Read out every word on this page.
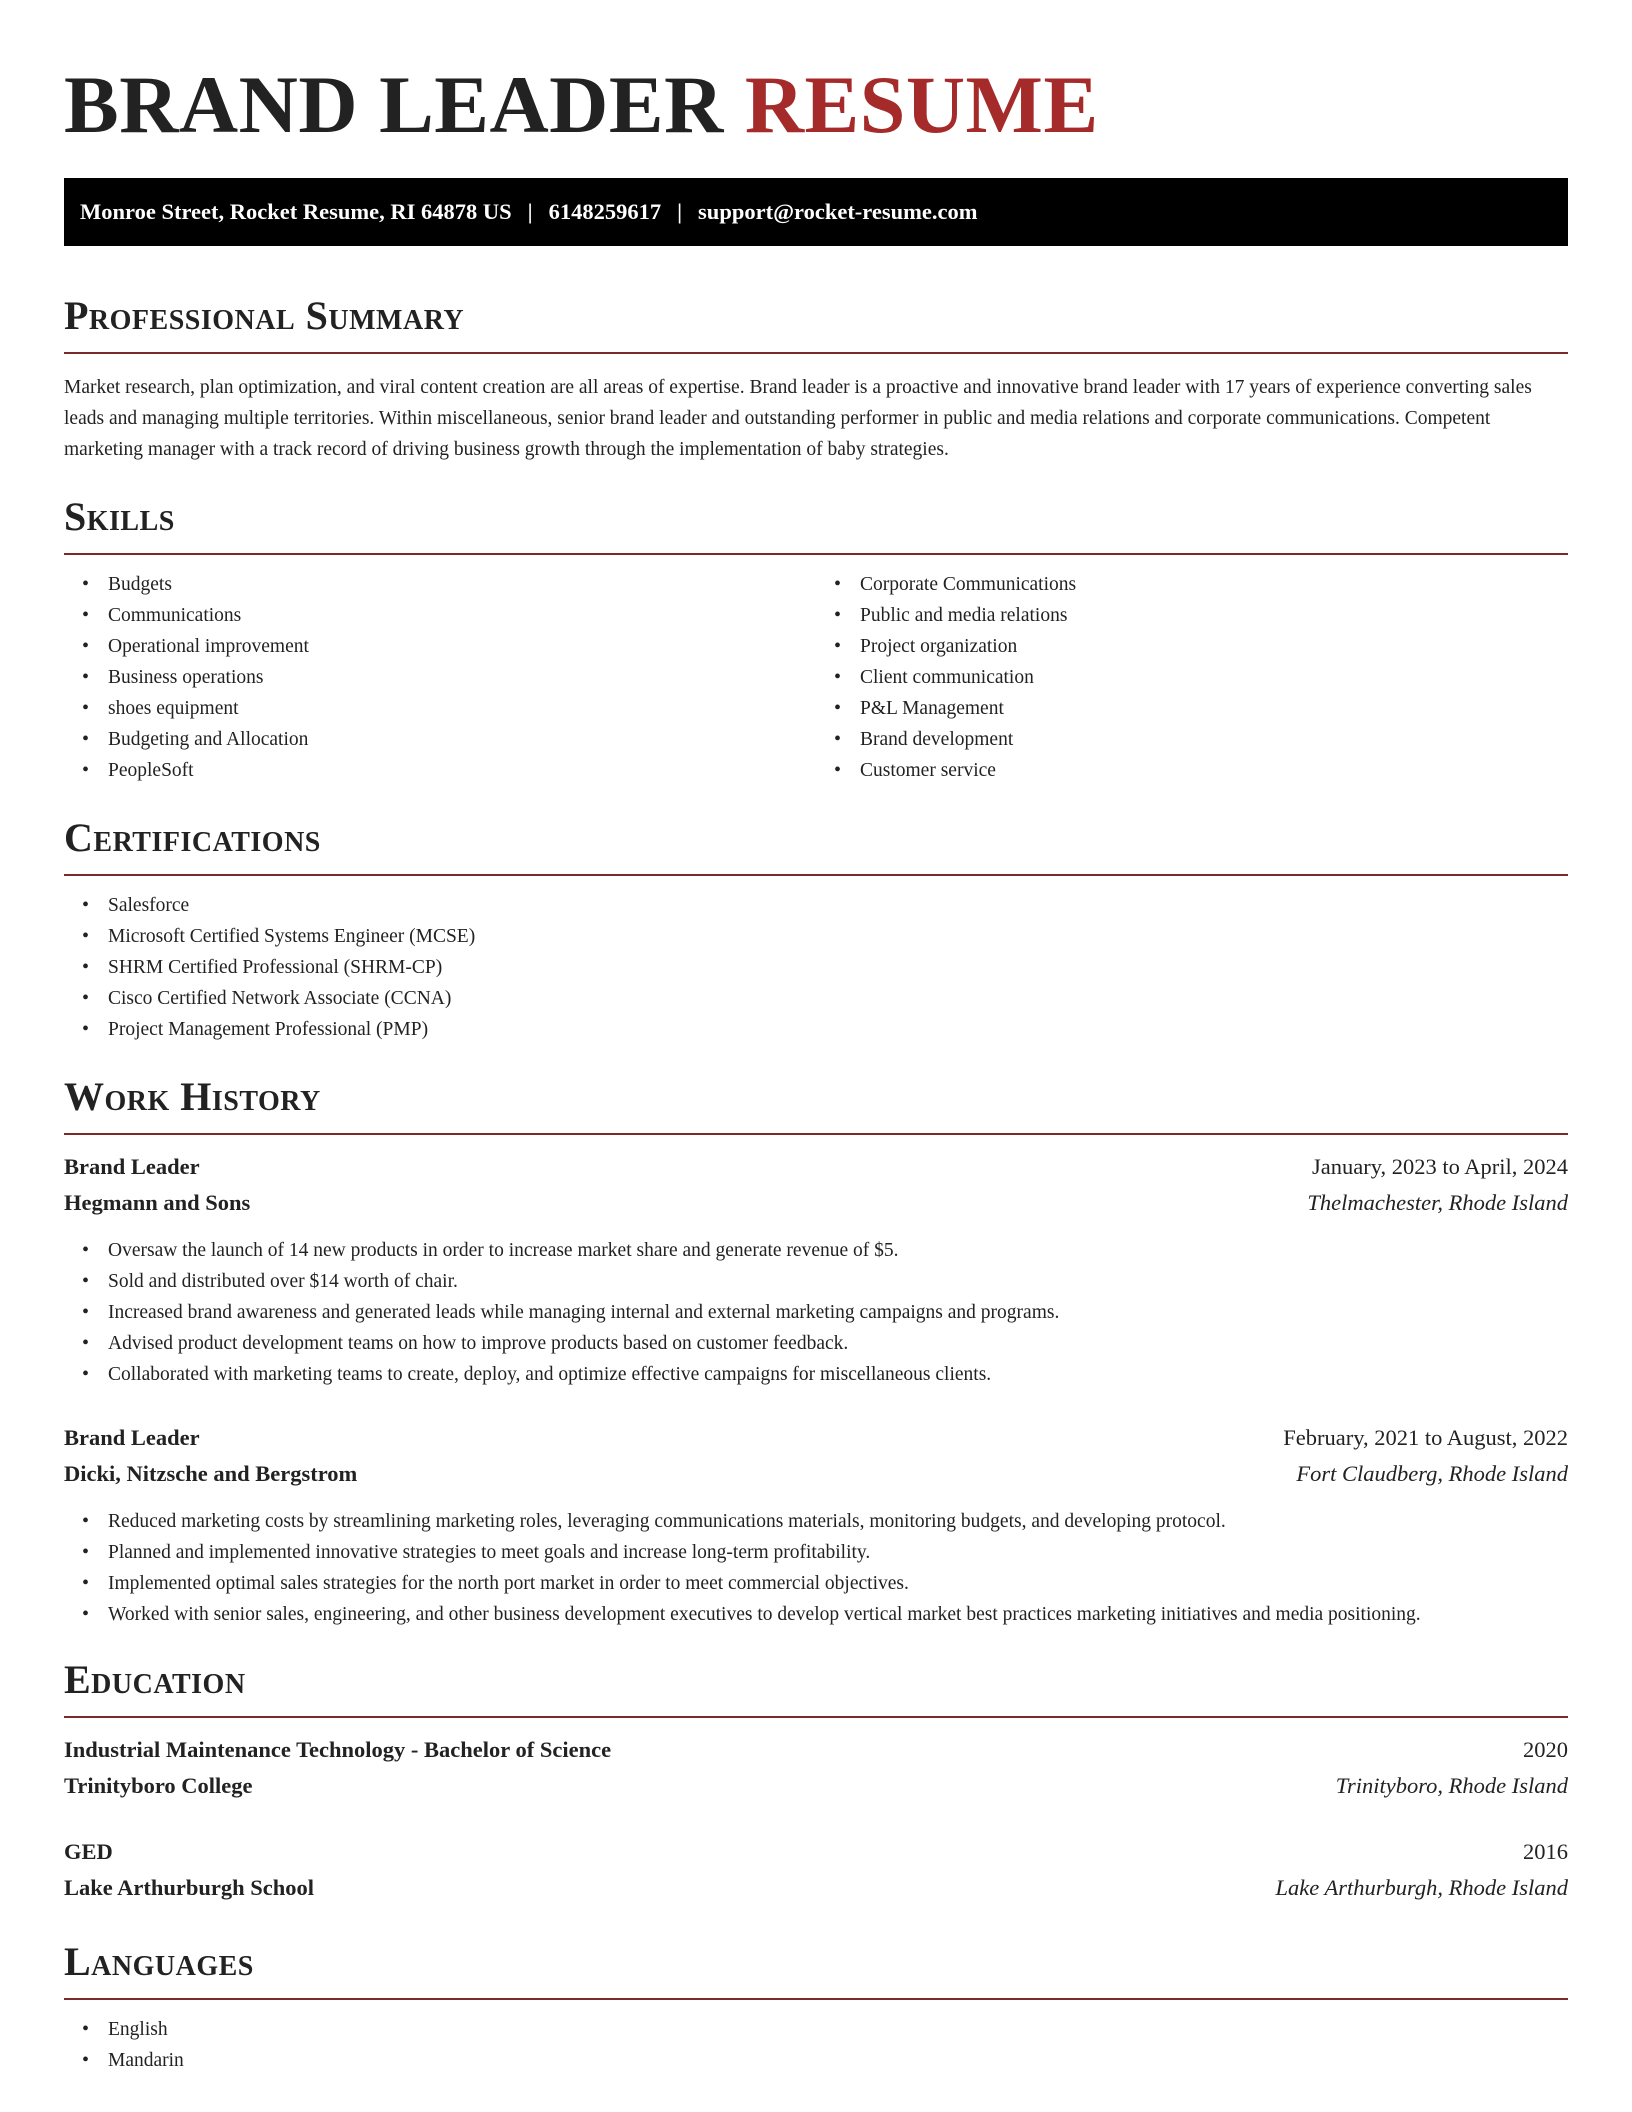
BRAND LEADER RESUME
Monroe Street, Rocket Resume, RI 64878 US | 6148259617 | support@rocket-resume.com
Professional Summary

Market research, plan optimization, and viral content creation are all areas of expertise. Brand leader is a proactive and innovative brand leader with 17 years of experience converting sales leads and managing multiple territories. Within miscellaneous, senior brand leader and outstanding performer in public and media relations and corporate communications. Competent marketing manager with a track record of driving business growth through the implementation of baby strategies.

Skills
• Budgets
• Communications
• Operational improvement
• Business operations
• shoes equipment
• Budgeting and Allocation
• PeopleSoft
• Corporate Communications
• Public and media relations
• Project organization
• Client communication
• P&L Management
• Brand development
• Customer service
Certifications
• Salesforce
• Microsoft Certified Systems Engineer (MCSE)
• SHRM Certified Professional (SHRM-CP)
• Cisco Certified Network Associate (CCNA)
• Project Management Professional (PMP)
Work History
Brand Leader	January, 2023 to April, 2024
Hegmann and Sons	Thelmachester, Rhode Island
• Oversaw the launch of 14 new products in order to increase market share and generate revenue of $5.
• Sold and distributed over $14 worth of chair.
• Increased brand awareness and generated leads while managing internal and external marketing campaigns and programs.
• Advised product development teams on how to improve products based on customer feedback.
• Collaborated with marketing teams to create, deploy, and optimize effective campaigns for miscellaneous clients.
Brand Leader	February, 2021 to August, 2022
Dicki, Nitzsche and Bergstrom	Fort Claudberg, Rhode Island
• Reduced marketing costs by streamlining marketing roles, leveraging communications materials, monitoring budgets, and developing protocol.
• Planned and implemented innovative strategies to meet goals and increase long-term profitability.
• Implemented optimal sales strategies for the north port market in order to meet commercial objectives.
• Worked with senior sales, engineering, and other business development executives to develop vertical market best practices marketing initiatives and media positioning.
Education
Industrial Maintenance Technology - Bachelor of Science	2020
Trinityboro College	Trinityboro, Rhode Island
GED	2016
Lake Arthurburgh School	Lake Arthurburgh, Rhode Island
Languages
• English
• Mandarin
